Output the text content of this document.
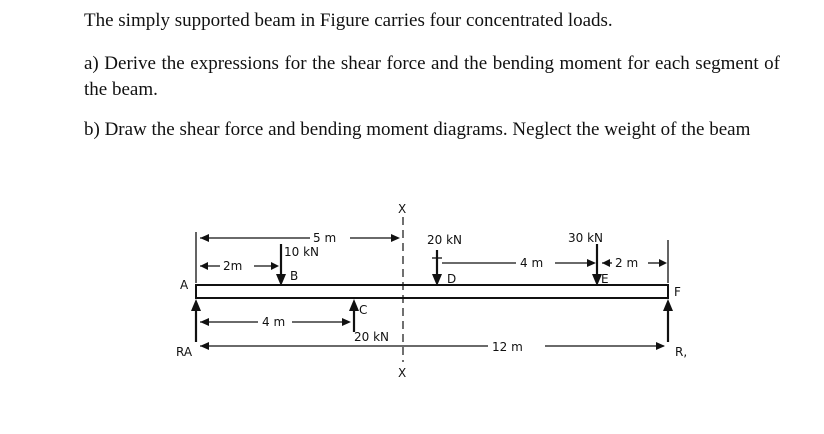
The simply supported beam in Figure carries four concentrated loads.

a) Derive the expressions for the shear force and the bending moment for each segment of the beam.

b) Draw the shear force and bending moment diagrams. Neglect the weight of the beam

A
B
C
D	E
F
10 kN
20 kN	30 kN
20 kN
RA	R,
X
X
5 m
2m
4 m
4 m	2 m
12 m
